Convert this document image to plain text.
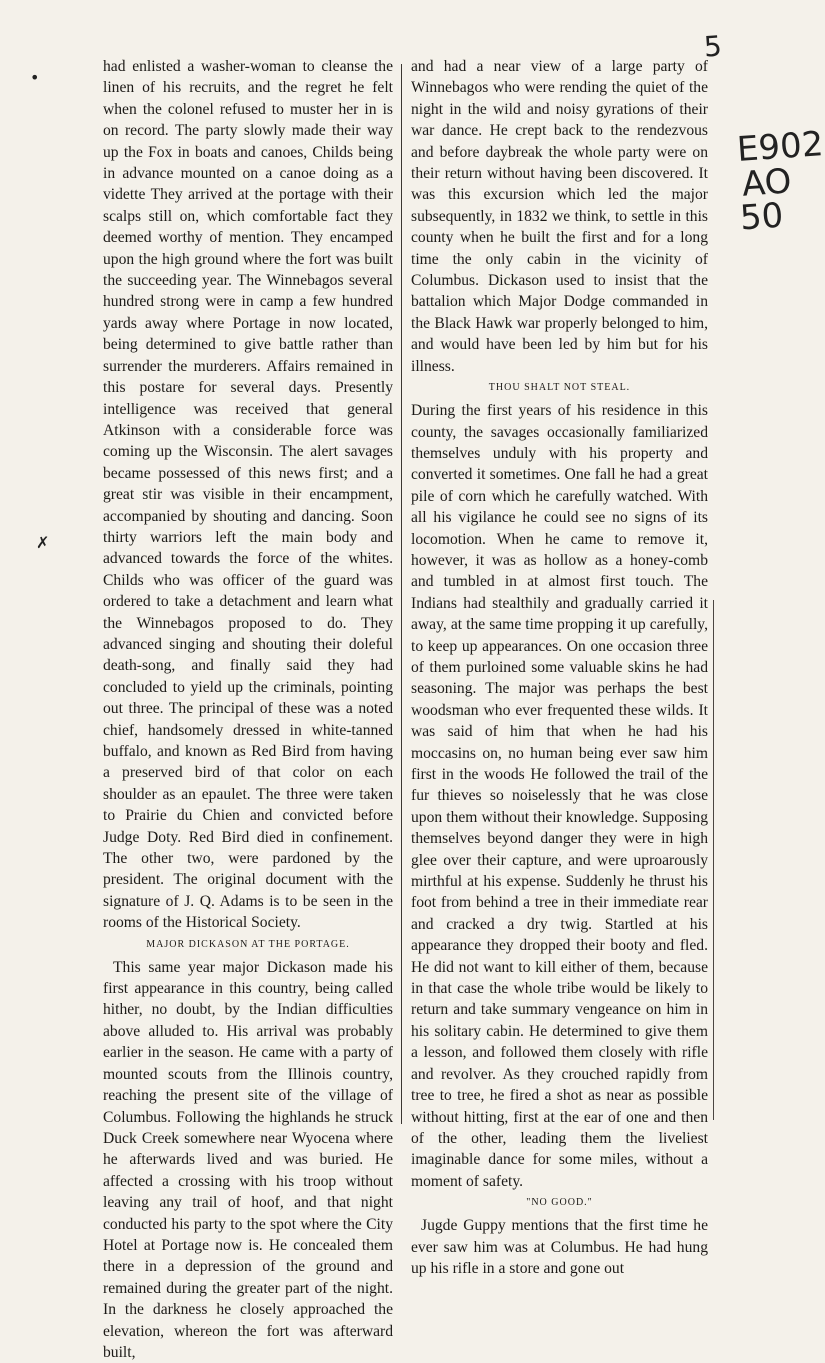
5
E902
AO
50
•
✗

had enlisted a washer-woman to cleanse the linen of his recruits, and the regret he felt when the colonel refused to muster her in is on record. The party slowly made their way up the Fox in boats and canoes, Childs being in advance mounted on a canoe doing as a vidette They arrived at the portage with their scalps still on, which comfortable fact they deemed worthy of mention. They encamped upon the high ground where the fort was built the succeeding year. The Winnebagos several hundred strong were in camp a few hundred yards away where Portage in now located, being determined to give battle rather than surrender the murderers. Affairs remained in this postare for several days. Presently intelligence was received that general Atkinson with a considerable force was coming up the Wisconsin. The alert savages became possessed of this news first; and a great stir was visible in their encampment, accompanied by shouting and dancing. Soon thirty warriors left the main body and advanced towards the force of the whites. Childs who was officer of the guard was ordered to take a detachment and learn what the Winnebagos proposed to do. They advanced singing and shouting their doleful death-song, and finally said they had concluded to yield up the criminals, pointing out three. The principal of these was a noted chief, handsomely dressed in white-tanned buffalo, and known as Red Bird from having a preserved bird of that color on each shoulder as an epaulet. The three were taken to Prairie du Chien and convicted before Judge Doty. Red Bird died in confinement. The other two, were pardoned by the president. The original document with the signature of J. Q. Adams is to be seen in the rooms of the Historical Society.

MAJOR DICKASON AT THE PORTAGE.

This same year major Dickason made his first appearance in this country, being called hither, no doubt, by the Indian difficulties above alluded to. His arrival was probably earlier in the season. He came with a party of mounted scouts from the Illinois country, reaching the present site of the village of Columbus. Following the highlands he struck Duck Creek somewhere near Wyocena where he afterwards lived and was buried. He affected a crossing with his troop without leaving any trail of hoof, and that night conducted his party to the spot where the City Hotel at Portage now is. He concealed them there in a depression of the ground and remained during the greater part of the night. In the darkness he closely approached the elevation, whereon the fort was afterward built,

and had a near view of a large party of Winnebagos who were rending the quiet of the night in the wild and noisy gyrations of their war dance. He crept back to the rendezvous and before daybreak the whole party were on their return without having been discovered. It was this excursion which led the major subsequently, in 1832 we think, to settle in this county when he built the first and for a long time the only cabin in the vicinity of Columbus. Dickason used to insist that the battalion which Major Dodge commanded in the Black Hawk war properly belonged to him, and would have been led by him but for his illness.

THOU SHALT NOT STEAL.

During the first years of his residence in this county, the savages occasionally familiarized themselves unduly with his property and converted it sometimes. One fall he had a great pile of corn which he carefully watched. With all his vigilance he could see no signs of its locomotion. When he came to remove it, however, it was as hollow as a honey-comb and tumbled in at almost first touch. The Indians had stealthily and gradually carried it away, at the same time propping it up carefully, to keep up appearances. On one occasion three of them purloined some valuable skins he had seasoning. The major was perhaps the best woodsman who ever frequented these wilds. It was said of him that when he had his moccasins on, no human being ever saw him first in the woods He followed the trail of the fur thieves so noiselessly that he was close upon them without their knowledge. Supposing themselves beyond danger they were in high glee over their capture, and were uproarously mirthful at his expense. Suddenly he thrust his foot from behind a tree in their immediate rear and cracked a dry twig. Startled at his appearance they dropped their booty and fled. He did not want to kill either of them, because in that case the whole tribe would be likely to return and take summary vengeance on him in his solitary cabin. He determined to give them a lesson, and followed them closely with rifle and revolver. As they crouched rapidly from tree to tree, he fired a shot as near as possible without hitting, first at the ear of one and then of the other, leading them the liveliest imaginable dance for some miles, without a moment of safety.

"NO GOOD."

Jugde Guppy mentions that the first time he ever saw him was at Columbus. He had hung up his rifle in a store and gone out
